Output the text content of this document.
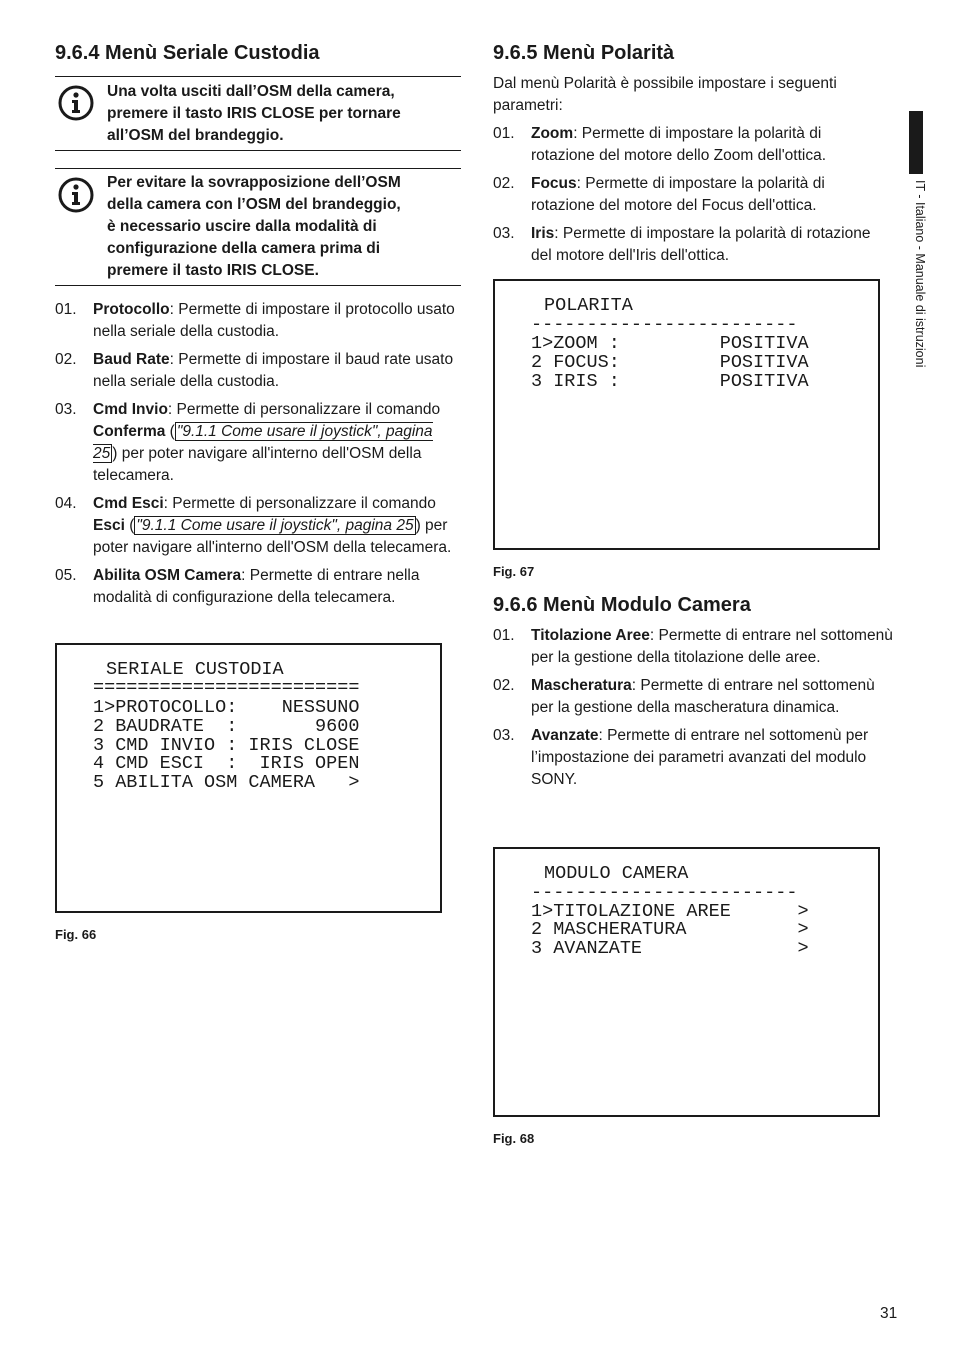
9.6.4 Menù Seriale Custodia
Una volta usciti dall’OSM della camera,
premere il tasto IRIS CLOSE per tornare
all’OSM del brandeggio.
Per evitare la sovrapposizione dell’OSM
della camera con l’OSM del brandeggio,
è necessario uscire dalla modalità di
configurazione della camera prima di
premere il tasto IRIS CLOSE.
01.	Protocollo: Permette di impostare il protocollo usato nella seriale della custodia.
02.	Baud Rate: Permette di impostare il baud rate usato nella seriale della custodia.
03.	Cmd Invio: Permette di personalizzare il comando Conferma ( "9.1.1 Come usare il joystick", pagina 25 ) per poter navigare all'interno dell'OSM della telecamera.
04.	Cmd Esci: Permette di personalizzare il comando Esci ( "9.1.1 Come usare il joystick", pagina 25 ) per poter navigare all'interno dell'OSM della telecamera.
05.	Abilita OSM Camera: Permette di entrare nella modalità di configurazione della telecamera.

SERIALE CUSTODIA

========================

1>PROTOCOLLO:    NESSUNO

2 BAUDRATE  :       9600

3 CMD INVIO : IRIS CLOSE

4 CMD ESCI  :  IRIS OPEN

5 ABILITA OSM CAMERA   >

Fig. 66
9.6.5 Menù Polarità
Dal menù Polarità è possibile impostare i seguenti parametri:
01.	Zoom: Permette di impostare la polarità di rotazione del motore dello Zoom dell'ottica.
02.	Focus: Permette di impostare la polarità di rotazione del motore del Focus dell'ottica.
03.	Iris: Permette di impostare la polarità di rotazione del motore dell'Iris dell'ottica.

POLARITA

------------------------

1>ZOOM :         POSITIVA

2 FOCUS:         POSITIVA

3 IRIS :         POSITIVA

Fig. 67
9.6.6 Menù Modulo Camera
01.	Titolazione Aree: Permette di entrare nel sottomenù per la gestione della titolazione delle aree.
02.	Mascheratura: Permette di entrare nel sottomenù per la gestione della mascheratura dinamica.
03.	Avanzate: Permette di entrare nel sottomenù per l’impostazione dei parametri avanzati del modulo SONY.

MODULO CAMERA

------------------------

1>TITOLAZIONE AREE      >

2 MASCHERATURA          >

3 AVANZATE              >

Fig. 68
IT - Italiano - Manuale di istruzioni
31
